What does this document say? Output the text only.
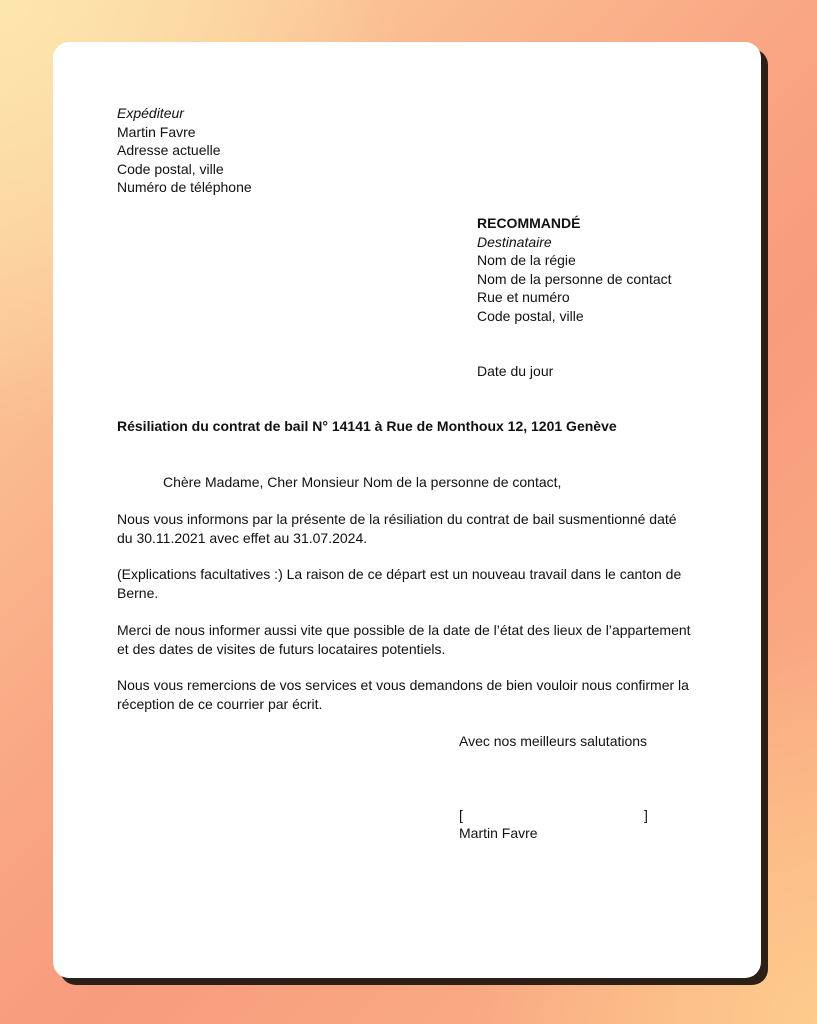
Expéditeur
Martin Favre
Adresse actuelle
Code postal, ville
Numéro de téléphone
RECOMMANDÉ
Destinataire
Nom de la régie
Nom de la personne de contact
Rue et numéro
Code postal, ville
Date du jour
Résiliation du contrat de bail N° 14141 à Rue de Monthoux 12, 1201 Genève
Chère Madame, Cher Monsieur Nom de la personne de contact,
Nous vous informons par la présente de la résiliation du contrat de bail susmentionné daté
du 30.11.2021 avec effet au 31.07.2024.
(Explications facultatives :) La raison de ce départ est un nouveau travail dans le canton de
Berne.
Merci de nous informer aussi vite que possible de la date de l’état des lieux de l’appartement
et des dates de visites de futurs locataires potentiels.
Nous vous remercions de vos services et vous demandons de bien vouloir nous confirmer la
réception de ce courrier par écrit.
Avec nos meilleurs salutations
[	]
Martin Favre
